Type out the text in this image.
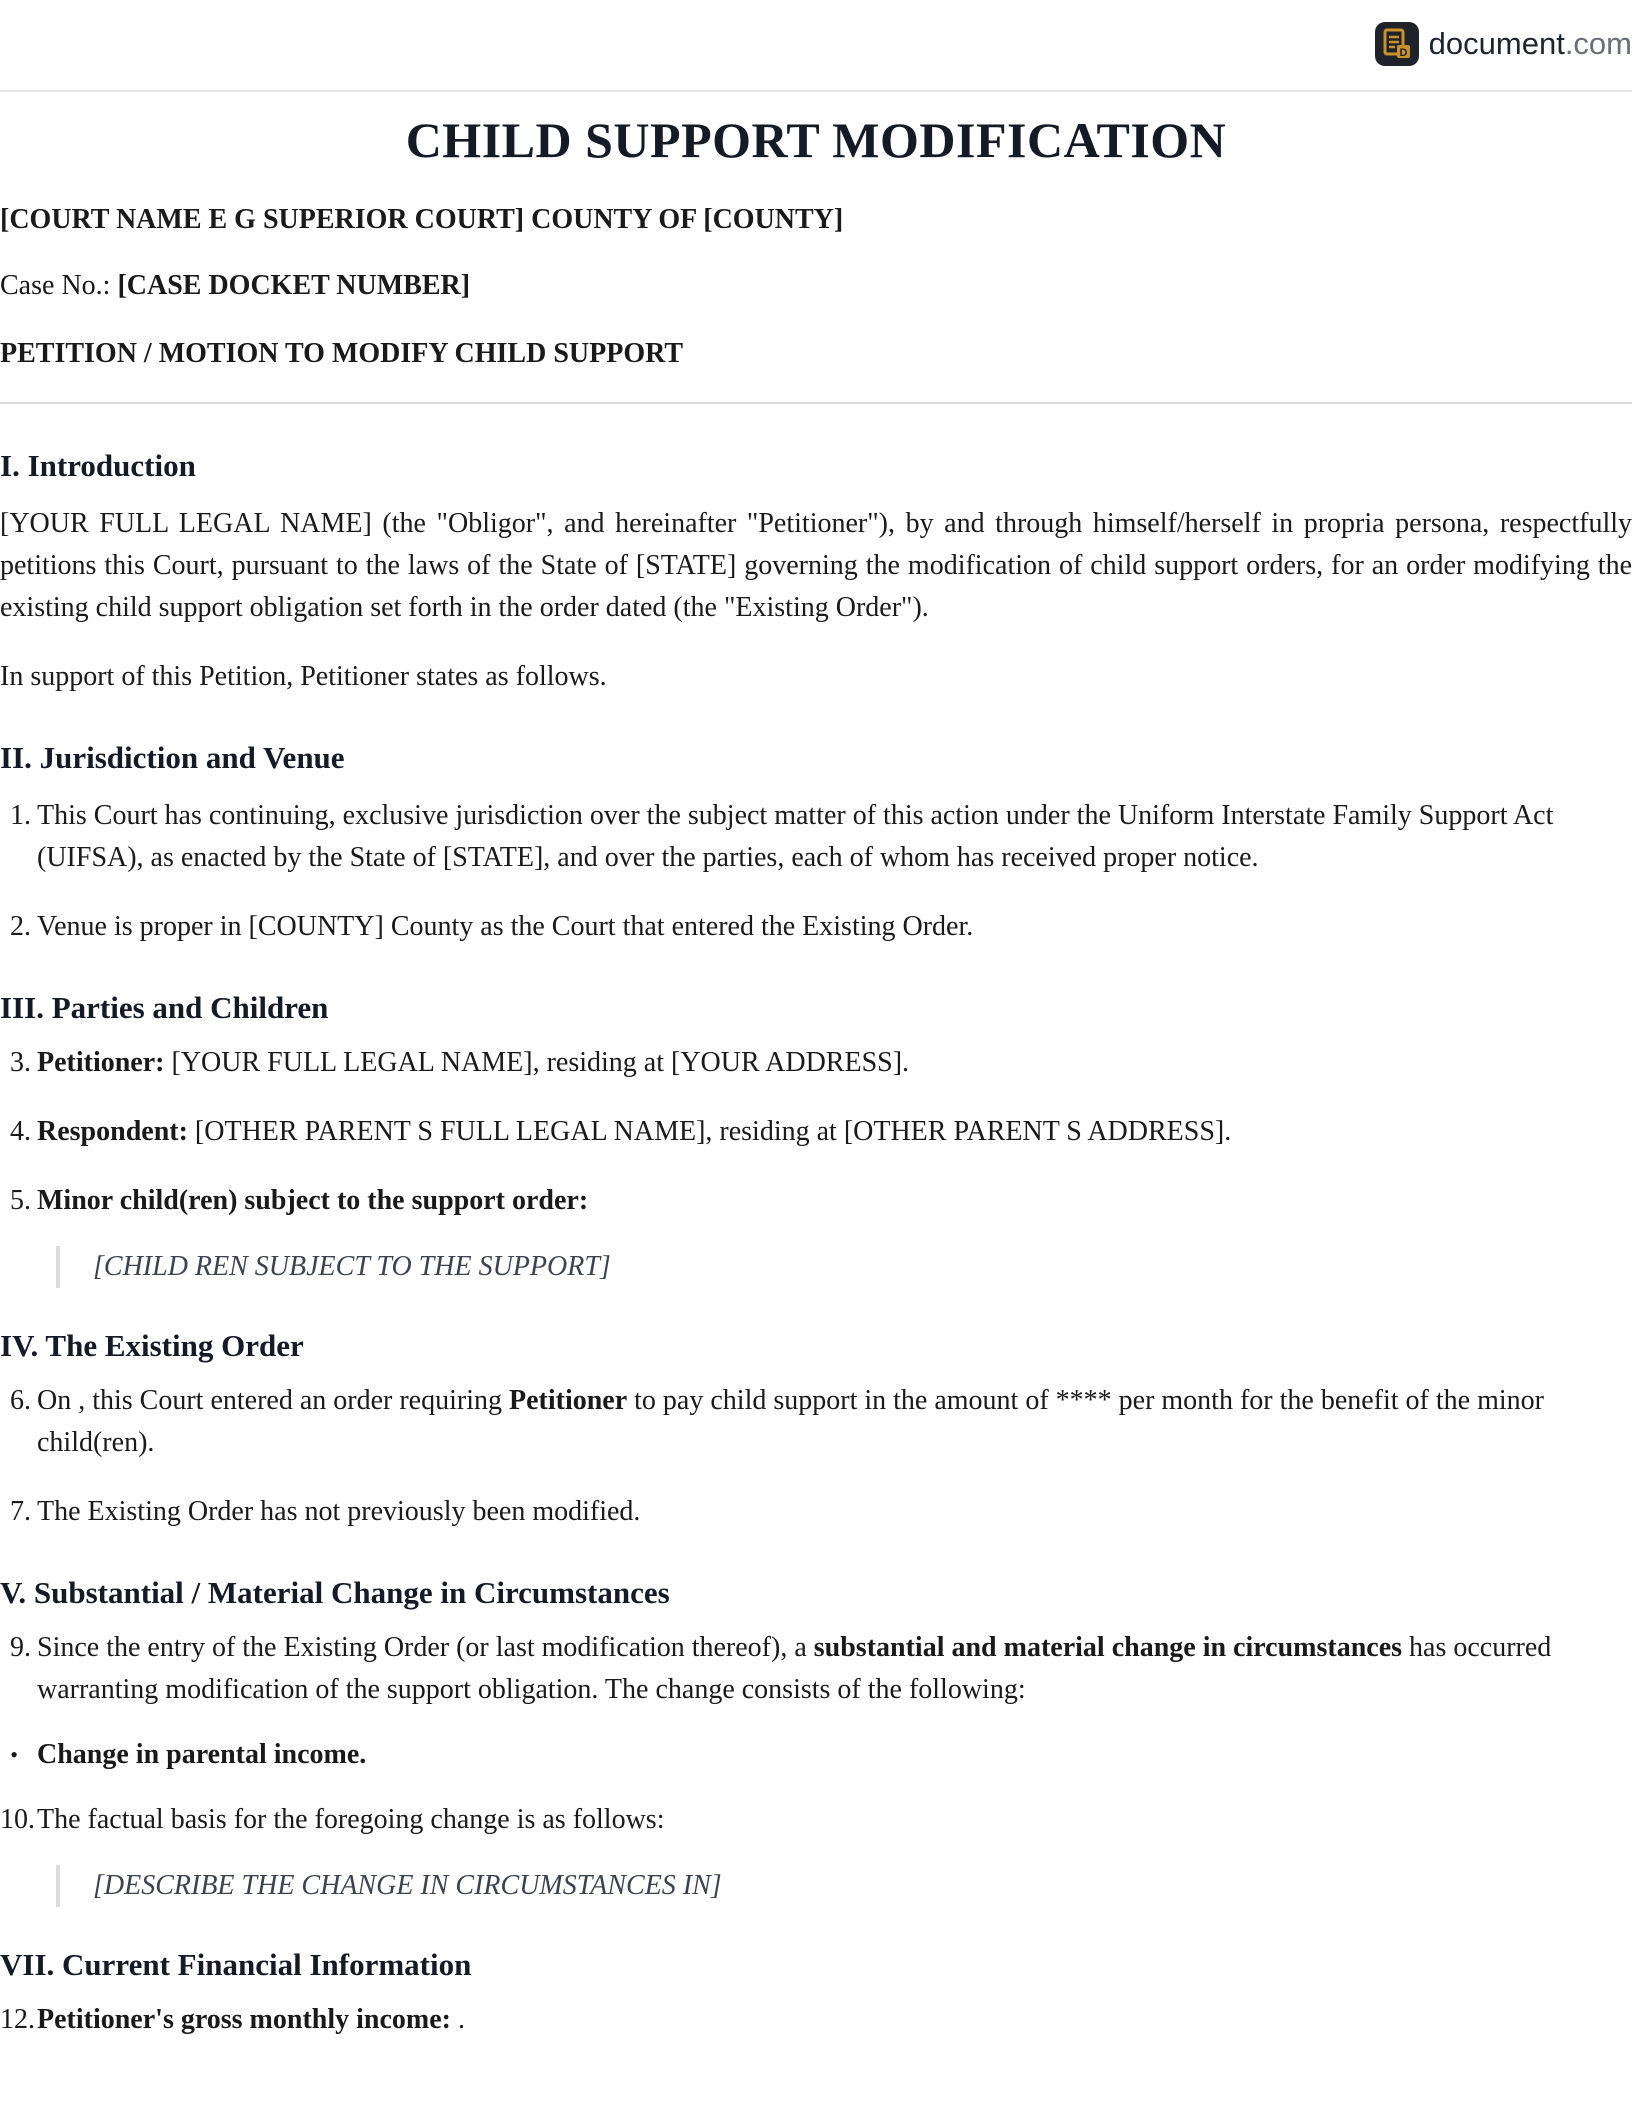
D document.com
CHILD SUPPORT MODIFICATION
[COURT NAME E G SUPERIOR COURT] COUNTY OF [COUNTY]
Case No.: [CASE DOCKET NUMBER]
PETITION / MOTION TO MODIFY CHILD SUPPORT
I. Introduction

[YOUR FULL LEGAL NAME] (the "Obligor", and hereinafter "Petitioner"), by and through himself/herself in propria persona, respectfully petitions this Court, pursuant to the laws of the State of [STATE] governing the modification of child support orders, for an order modifying the existing child support obligation set forth in the order dated (the "Existing Order").

In support of this Petition, Petitioner states as follows.

II. Jurisdiction and Venue
1. This Court has continuing, exclusive jurisdiction over the subject matter of this action under the Uniform Interstate Family Support Act (UIFSA), as enacted by the State of [STATE], and over the parties, each of whom has received proper notice.
2. Venue is proper in [COUNTY] County as the Court that entered the Existing Order.
III. Parties and Children
3. Petitioner: [YOUR FULL LEGAL NAME], residing at [YOUR ADDRESS].
4. Respondent: [OTHER PARENT S FULL LEGAL NAME], residing at [OTHER PARENT S ADDRESS].
5. Minor child(ren) subject to the support order:
[CHILD REN SUBJECT TO THE SUPPORT]
IV. The Existing Order
6. On , this Court entered an order requiring Petitioner to pay child support in the amount of **** per month for the benefit of the minor child(ren).
7. The Existing Order has not previously been modified.
V. Substantial / Material Change in Circumstances
9. Since the entry of the Existing Order (or last modification thereof), a substantial and material change in circumstances has occurred warranting modification of the support obligation. The change consists of the following:
• Change in parental income.
10. The factual basis for the foregoing change is as follows:
[DESCRIBE THE CHANGE IN CIRCUMSTANCES IN]
VII. Current Financial Information
12. Petitioner's gross monthly income: .
